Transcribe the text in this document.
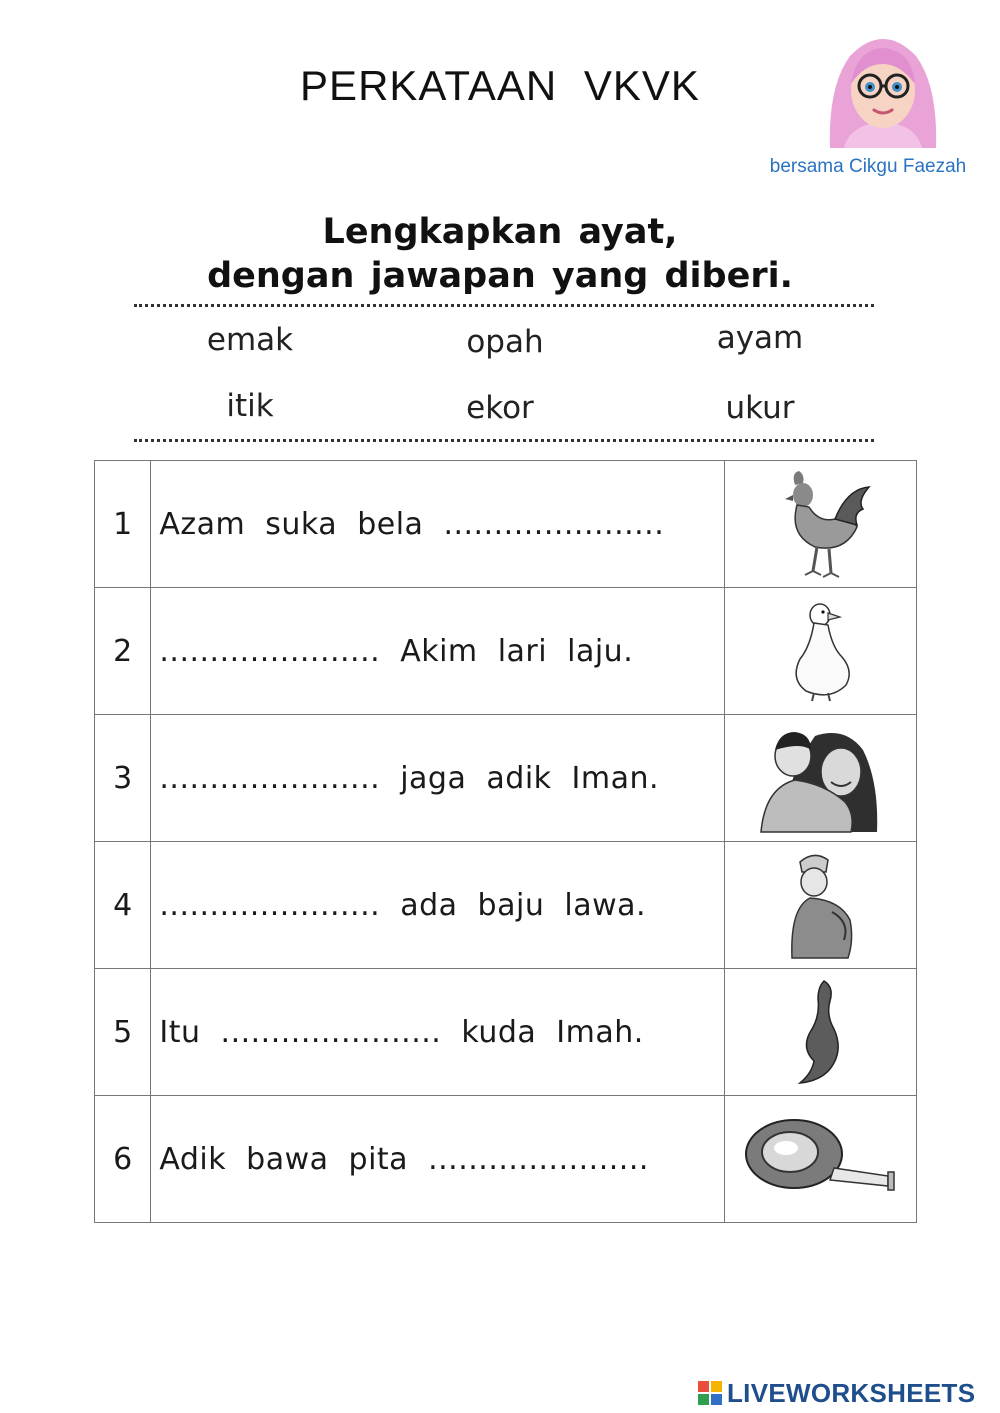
PERKATAAN VKVK
bersama Cikgu Faezah
Lengkapkan ayat,
dengan jawapan yang diberi.
emak	opah	ayam
itik	ekor	ukur
1	Azam suka bela ......................	

2	...................... Akim lari laju.	

3	...................... jaga adik Iman.	

4	...................... ada baju lawa.	

5	Itu ...................... kuda Imah.	

6	Adik bawa pita ......................	
LIVEWORKSHEETS
